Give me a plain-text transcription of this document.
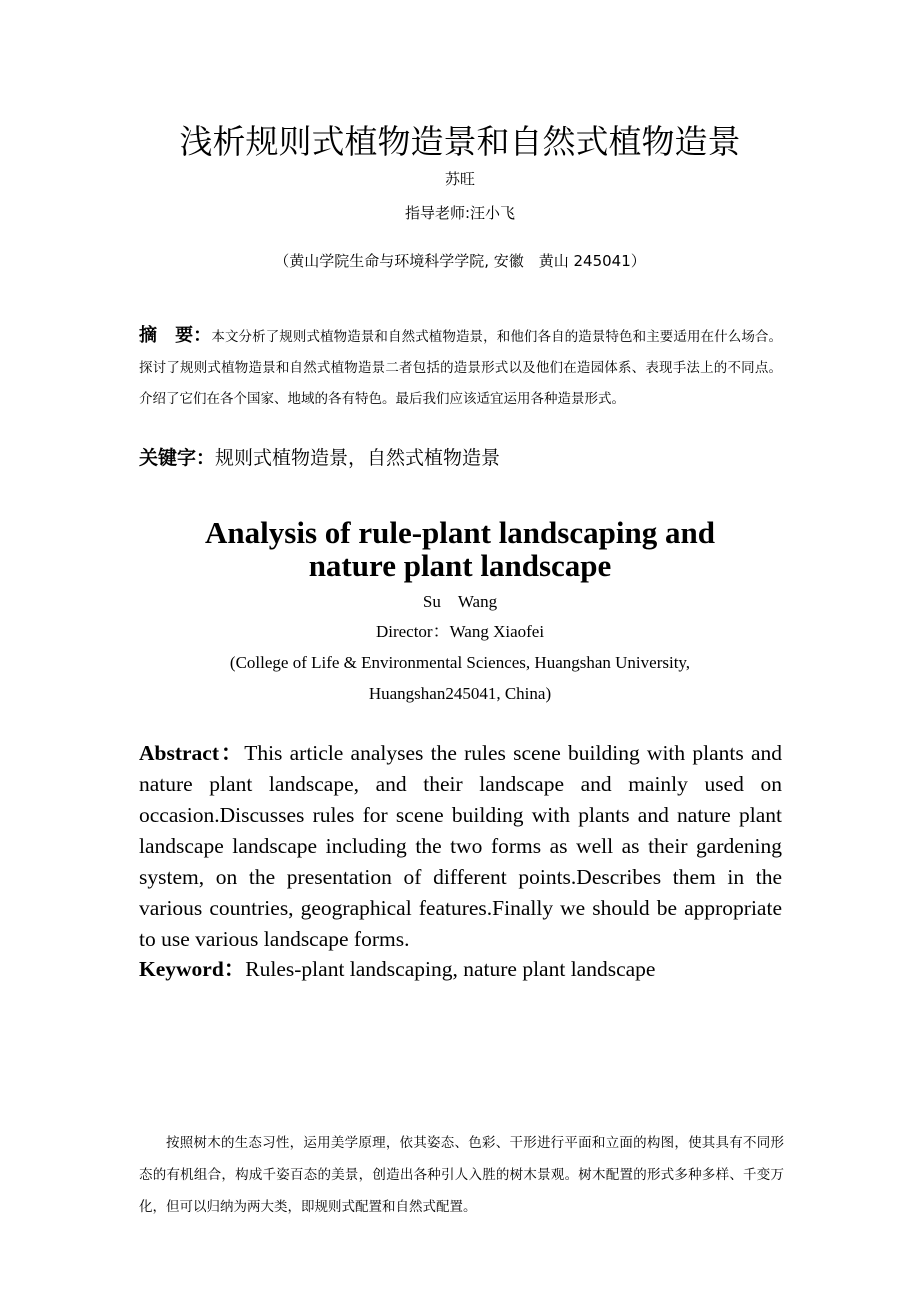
浅析规则式植物造景和自然式植物造景
苏旺
指导老师:汪小飞
（黄山学院生命与环境科学学院, 安徽　黄山 245041）
摘　要：本文分析了规则式植物造景和自然式植物造景，和他们各自的造景特色和主要适用在什么场合。探讨了规则式植物造景和自然式植物造景二者包括的造景形式以及他们在造园体系、表现手法上的不同点。介绍了它们在各个国家、地域的各有特色。最后我们应该适宜运用各种造景形式。
关键字：规则式植物造景，自然式植物造景
Analysis of rule-plant landscaping and
nature plant landscape
Su　Wang
Director：Wang Xiaofei
(College of Life & Environmental Sciences, Huangshan University,
Huangshan245041, China)
Abstract：This article analyses the rules scene building with plants and nature plant landscape, and their landscape and mainly used on occasion.Discusses rules for scene building with plants and nature plant landscape landscape including the two forms as well as their gardening system, on the presentation of different points.Describes them in the various countries, geographical features.Finally we should be appropriate to use various landscape forms.
Keyword：Rules-plant landscaping, nature plant landscape
按照树木的生态习性，运用美学原理，依其姿态、色彩、干形进行平面和立面的构图，使其具有不同形态的有机组合，构成千姿百态的美景，创造出各种引人入胜的树木景观。树木配置的形式多种多样、千变万化，但可以归纳为两大类，即规则式配置和自然式配置。
